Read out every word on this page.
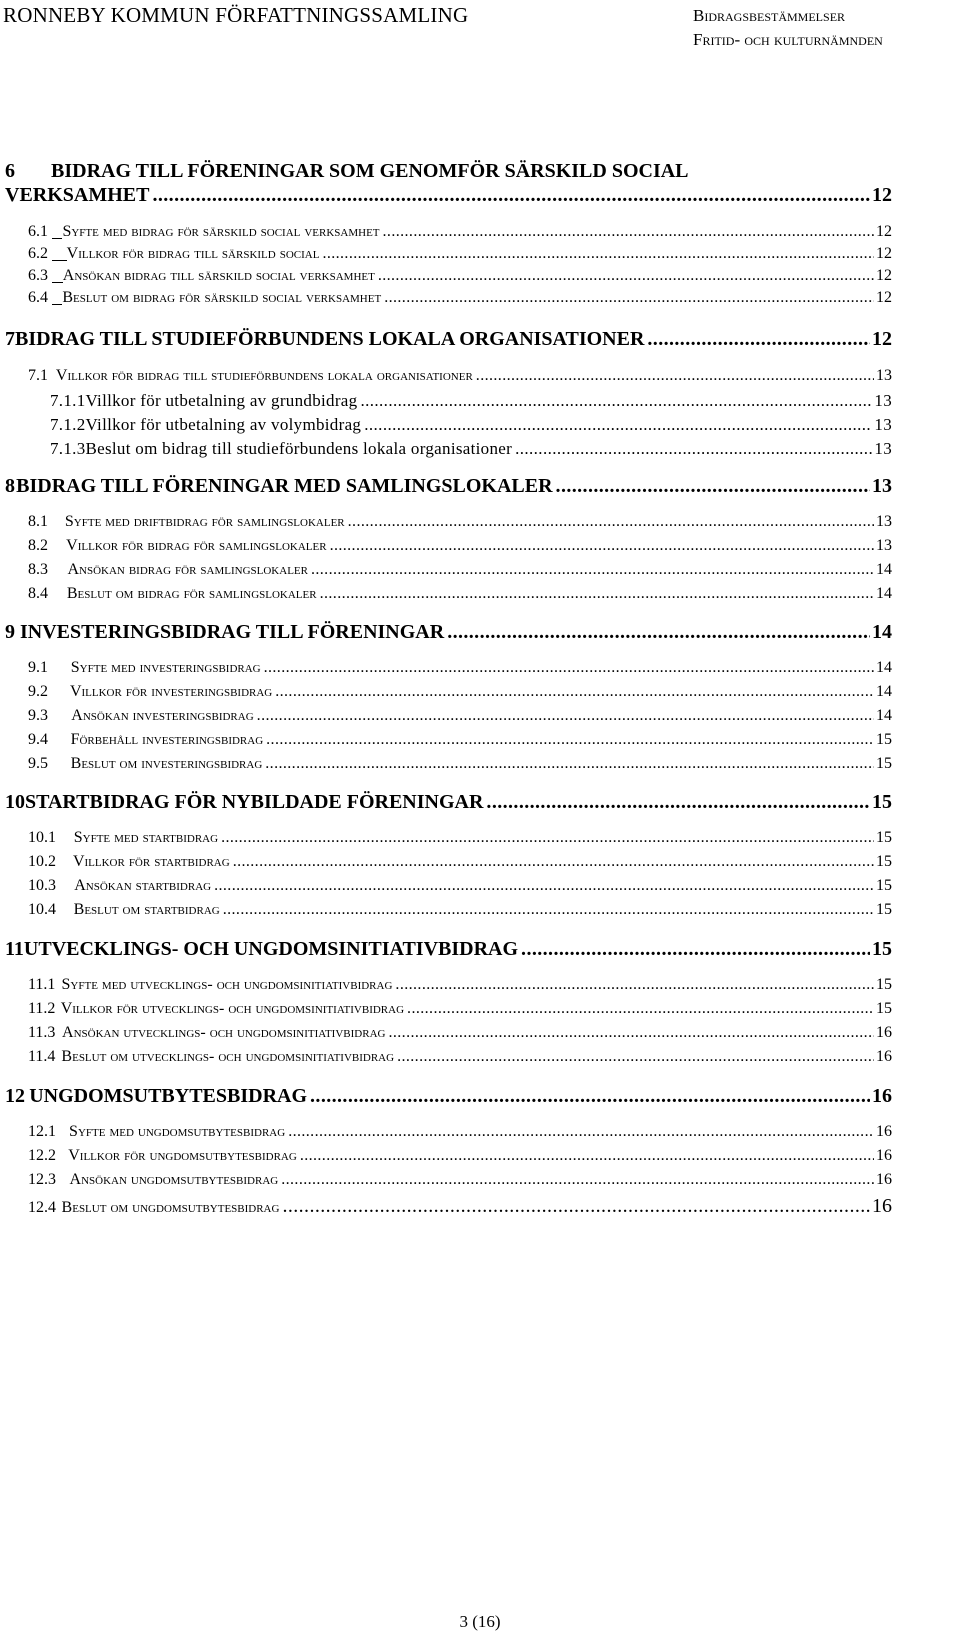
RONNEBY KOMMUN FÖRFATTNINGSSAMLING	Bidragsbestämmelser
Fritid- och kulturnämnden
6	BIDRAG TILL FÖRENINGAR SOM GENOMFÖR SÄRSKILD SOCIAL
VERKSAMHET .....	12
6.1 Syfte med bidrag för särskild social verksamhet .....	12
6.2	Villkor för bidrag till särskild social .....	12
6.3 Ansökan bidrag till särskild social verksamhet .....	12
6.4 Beslut om bidrag för särskild social verksamhet .....	12
7 BIDRAG TILL STUDIEFÖRBUNDENS LOKALA ORGANISATIONER .....	12
7.1 Villkor för bidrag till studieförbundens lokala organisationer .....	13
7.1.1 Villkor för utbetalning av grundbidrag .....	13
7.1.2 Villkor för utbetalning av volymbidrag .....	13
7.1.3 Beslut om bidrag till studieförbundens lokala organisationer .....	13
8 BIDRAG TILL FÖRENINGAR MED SAMLINGSLOKALER .....	13
8.1	Syfte med driftbidrag för samlingslokaler .....	13
8.2	Villkor för bidrag för samlingslokaler .....	13
8.3	Ansökan bidrag för samlingslokaler .....	14
8.4	Beslut om bidrag för samlingslokaler .....	14
9 INVESTERINGSBIDRAG TILL FÖRENINGAR .....	14
9.1	Syfte med investeringsbidrag .....	14
9.2	Villkor för investeringsbidrag .....	14
9.3	Ansökan investeringsbidrag .....	14
9.4	Förbehåll investeringsbidrag .....	15
9.5	Beslut om investeringsbidrag .....	15
10 STARTBIDRAG FÖR NYBILDADE FÖRENINGAR .....	15
10.1	Syfte med startbidrag .....	15
10.2	Villkor för startbidrag .....	15
10.3	Ansökan startbidrag .....	15
10.4	Beslut om startbidrag .....	15
11 UTVECKLINGS- OCH UNGDOMSINITIATIVBIDRAG .....	15
11.1 Syfte med utvecklings- och ungdomsinitiativbidrag .....	15
11.2 Villkor för utvecklings- och ungdomsinitiativbidrag .....	15
11.3 Ansökan utvecklings- och ungdomsinitiativbidrag .....	16
11.4 Beslut om utvecklings- och ungdomsinitiativbidrag .....	16
12 UNGDOMSUTBYTESBIDRAG .....	16
12.1 Syfte med ungdomsutbytesbidrag .....	16
12.2 Villkor för ungdomsutbytesbidrag .....	16
12.3 Ansökan ungdomsutbytesbidrag .....	16
12.4 Beslut om ungdomsutbytesbidrag .....	16
3 (16)
